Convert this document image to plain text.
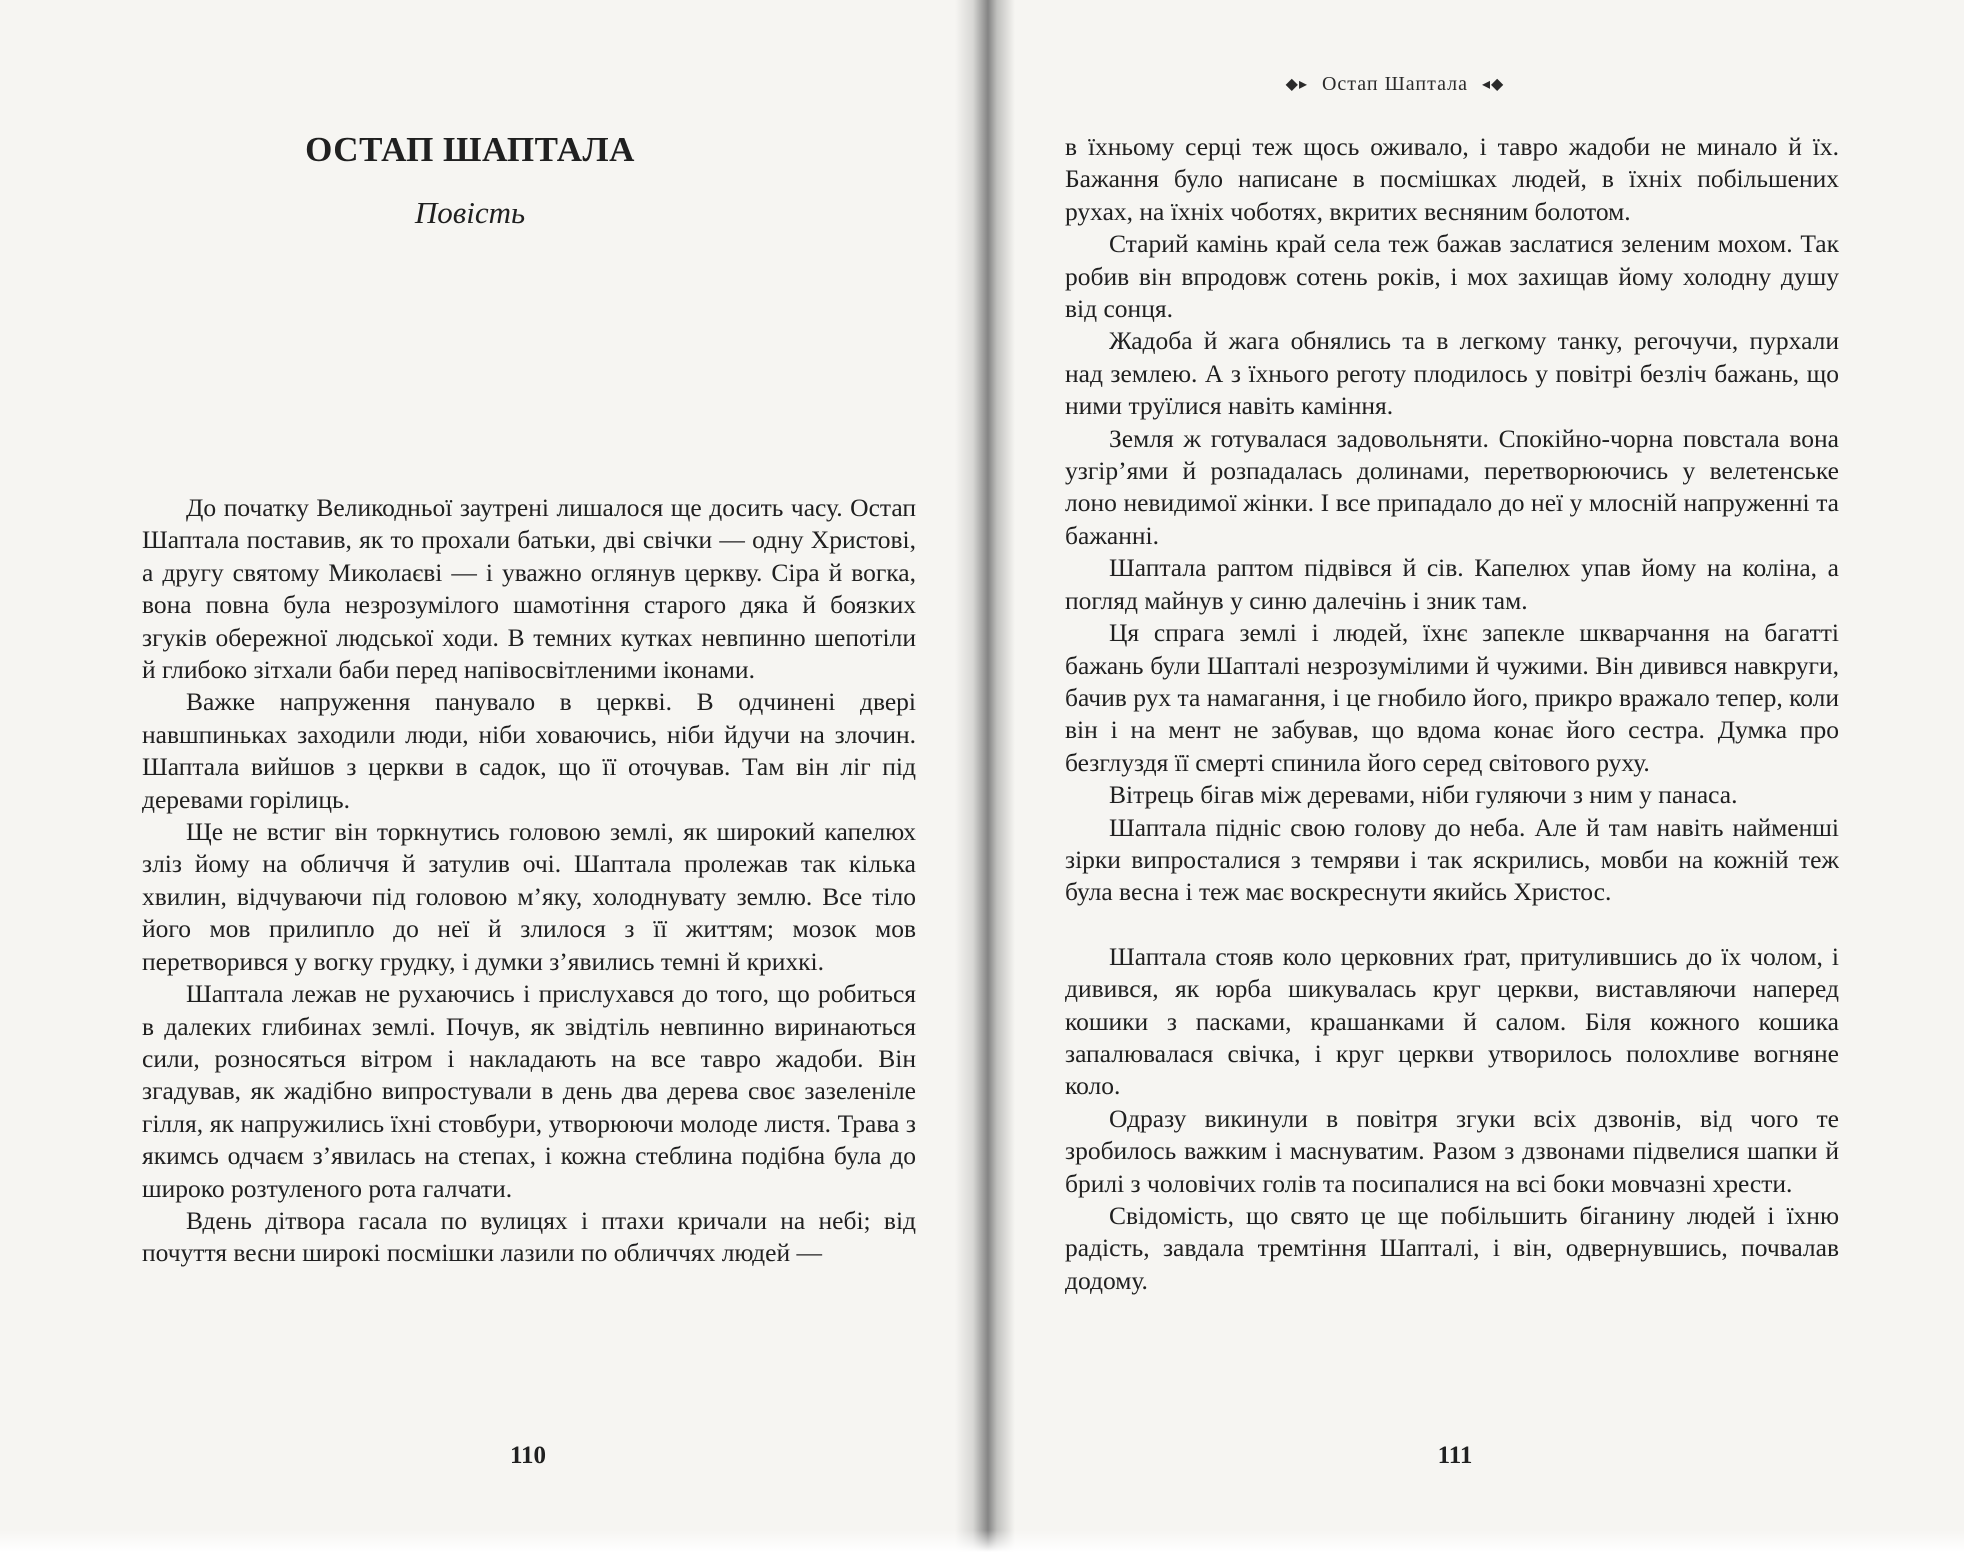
ОСТАП ШАПТАЛА
Повість

До початку Великодньої заутрені лишалося ще досить часу. Остап Шаптала поставив, як то прохали батьки, дві свічки — одну Христові, а другу святому Миколаєві — і уважно оглянув церкву. Сіра й вогка, вона повна була незрозумілого шамотіння старого дяка й боязких згуків обережної людської ходи. В темних кутках невпинно шепотіли й глибоко зітхали баби перед напівосвітленими іконами.

Важке напруження панувало в церкві. В одчинені двері навшпиньках заходили люди, ніби ховаючись, ніби йдучи на злочин. Шаптала вийшов з церкви в садок, що її оточував. Там він ліг під деревами горілиць.

Ще не встиг він торкнутись головою землі, як широкий капелюх зліз йому на обличчя й затулив очі. Шаптала пролежав так кілька хвилин, відчуваючи під головою м’яку, холоднувату землю. Все тіло його мов прилипло до неї й злилося з її життям; мозок мов перетворився у вогку грудку, і думки з’явились темні й крихкі.

Шаптала лежав не рухаючись і прислухався до того, що робиться в далеких глибинах землі. Почув, як звідтіль невпинно виринаються сили, розносяться вітром і накладають на все тавро жадоби. Він згадував, як жадібно випростували в день два дерева своє зазеленіле гілля, як напружились їхні стовбури, утворюючи молоде листя. Трава з якимсь одчаєм з’явилась на степах, і кожна стеблина подібна була до широко розтуленого рота галчати.

Вдень дітвора гасала по вулицях і птахи кричали на небі; від почуття весни широкі посмішки лазили по обличчях людей —

110
◆▸ Остап Шаптала ◂◆

в їхньому серці теж щось оживало, і тавро жадоби не минало й їх. Бажання було написане в посмішках людей, в їхніх побільшених рухах, на їхніх чоботях, вкритих весняним болотом.

Старий камінь край села теж бажав заслатися зеленим мохом. Так робив він впродовж сотень років, і мох захищав йому холодну душу від сонця.

Жадоба й жага обнялись та в легкому танку, регочучи, пурхали над землею. А з їхнього реготу плодилось у повітрі безліч бажань, що ними труїлися навіть каміння.

Земля ж готувалася задовольняти. Спокійно-чорна повстала вона узгір’ями й розпадалась долинами, перетворюючись у велетенське лоно невидимої жінки. І все припадало до неї у млосній напруженні та бажанні.

Шаптала раптом підвівся й сів. Капелюх упав йому на коліна, а погляд майнув у синю далечінь і зник там.

Ця спрага землі і людей, їхнє запекле шкварчання на багатті бажань були Шапталі незрозумілими й чужими. Він дивився навкруги, бачив рух та намагання, і це гнобило його, прикро вражало тепер, коли він і на мент не забував, що вдома конає його сестра. Думка про безглуздя її смерті спинила його серед світового руху.

Вітрець бігав між деревами, ніби гуляючи з ним у панаса.

Шаптала підніс свою голову до неба. Але й там навіть найменші зірки випросталися з темряви і так яскрились, мовби на кожній теж була весна і теж має воскреснути якийсь Христос.

Шаптала стояв коло церковних ґрат, притулившись до їх чолом, і дивився, як юрба шикувалась круг церкви, виставляючи наперед кошики з пасками, крашанками й салом. Біля кожного кошика запалювалася свічка, і круг церкви утворилось полохливе вогняне коло.

Одразу викинули в повітря згуки всіх дзвонів, від чого те зробилось важким і маснуватим. Разом з дзвонами підвелися шапки й брилі з чоловічих голів та посипалися на всі боки мовчазні хрести.

Свідомість, що свято це ще побільшить біганину людей і їхню радість, завдала тремтіння Шапталі, і він, одвернувшись, почвалав додому.

111
